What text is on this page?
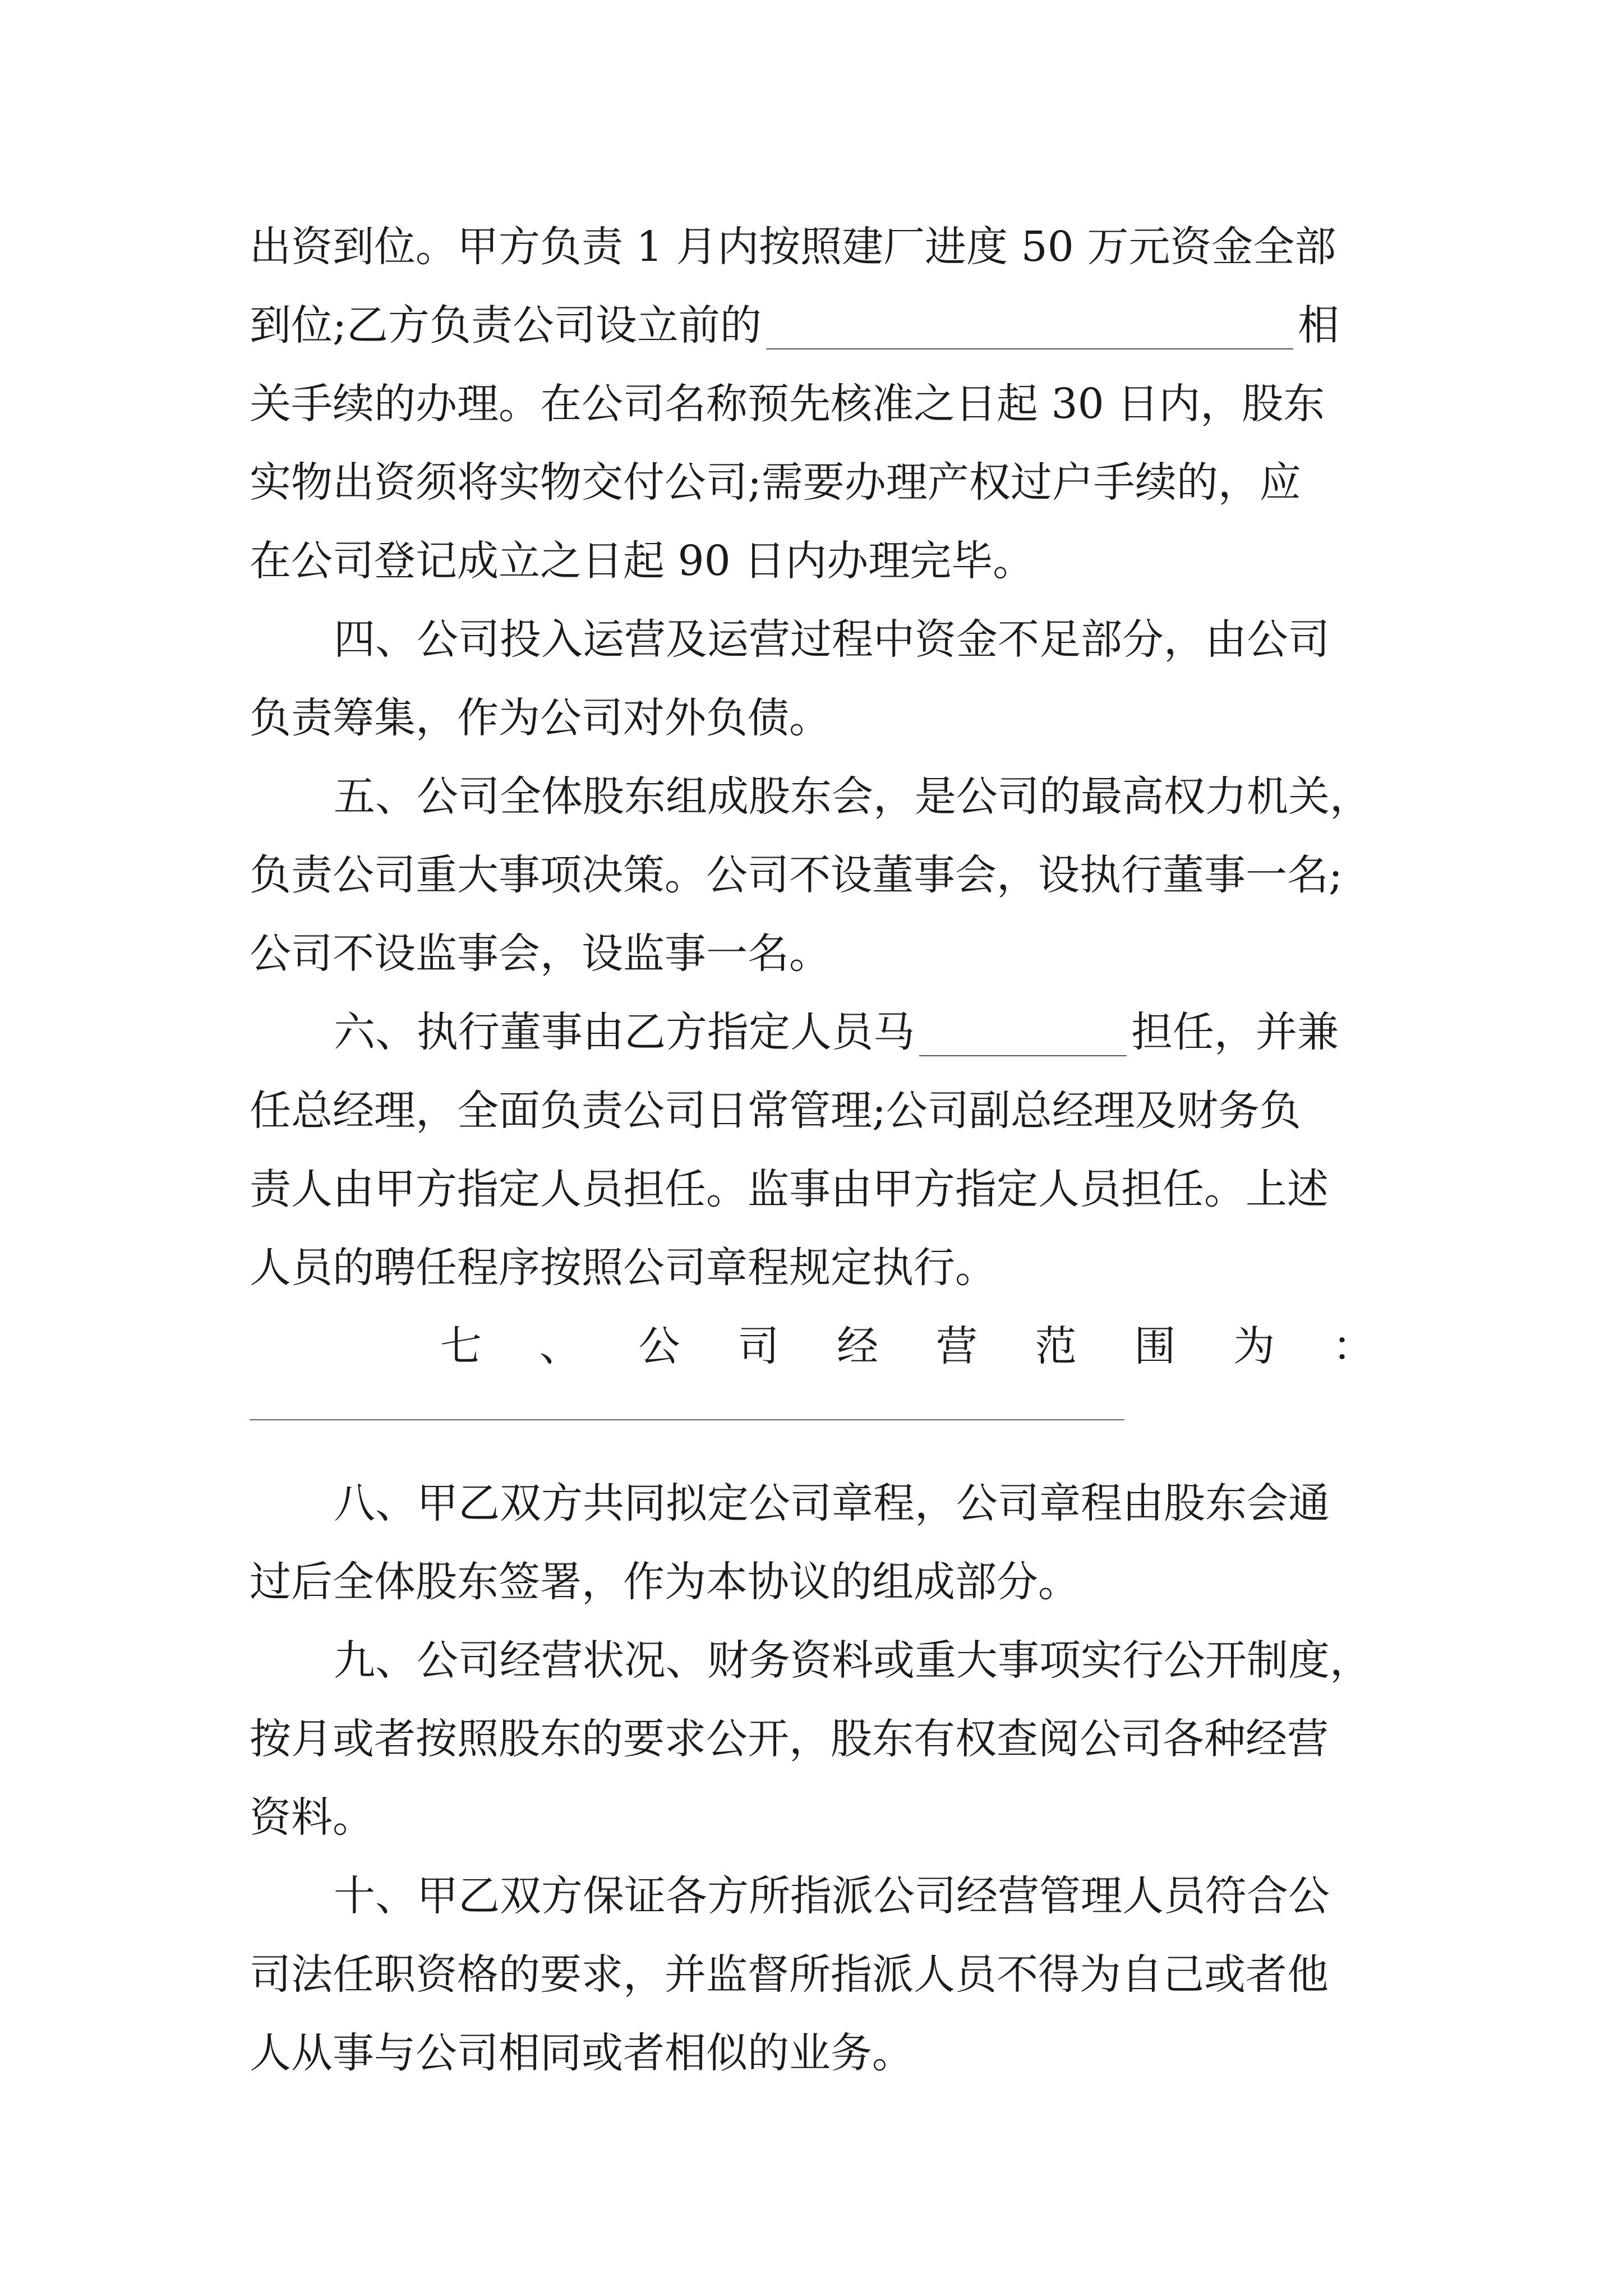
出资到位。甲方负责 1 月内按照建厂进度 50 万元资金全部
到位;乙方负责公司设立前的	相
关手续的办理。在公司名称预先核准之日起 30 日内，股东
实物出资须将实物交付公司;需要办理产权过户手续的，应
在公司登记成立之日起 90 日内办理完毕。
四、公司投入运营及运营过程中资金不足部分，由公司
负责筹集，作为公司对外负债。
五、公司全体股东组成股东会，是公司的最高权力机关，
负责公司重大事项决策。公司不设董事会，设执行董事一名;
公司不设监事会，设监事一名。
六、执行董事由乙方指定人员马	担任，并兼
任总经理，全面负责公司日常管理;公司副总经理及财务负
责人由甲方指定人员担任。监事由甲方指定人员担任。上述
人员的聘任程序按照公司章程规定执行。
七 、 公 司 经 营 范 围 为 ：
八、甲乙双方共同拟定公司章程，公司章程由股东会通
过后全体股东签署，作为本协议的组成部分。
九、公司经营状况、财务资料或重大事项实行公开制度，
按月或者按照股东的要求公开，股东有权查阅公司各种经营
资料。
十、甲乙双方保证各方所指派公司经营管理人员符合公
司法任职资格的要求，并监督所指派人员不得为自己或者他
人从事与公司相同或者相似的业务。
